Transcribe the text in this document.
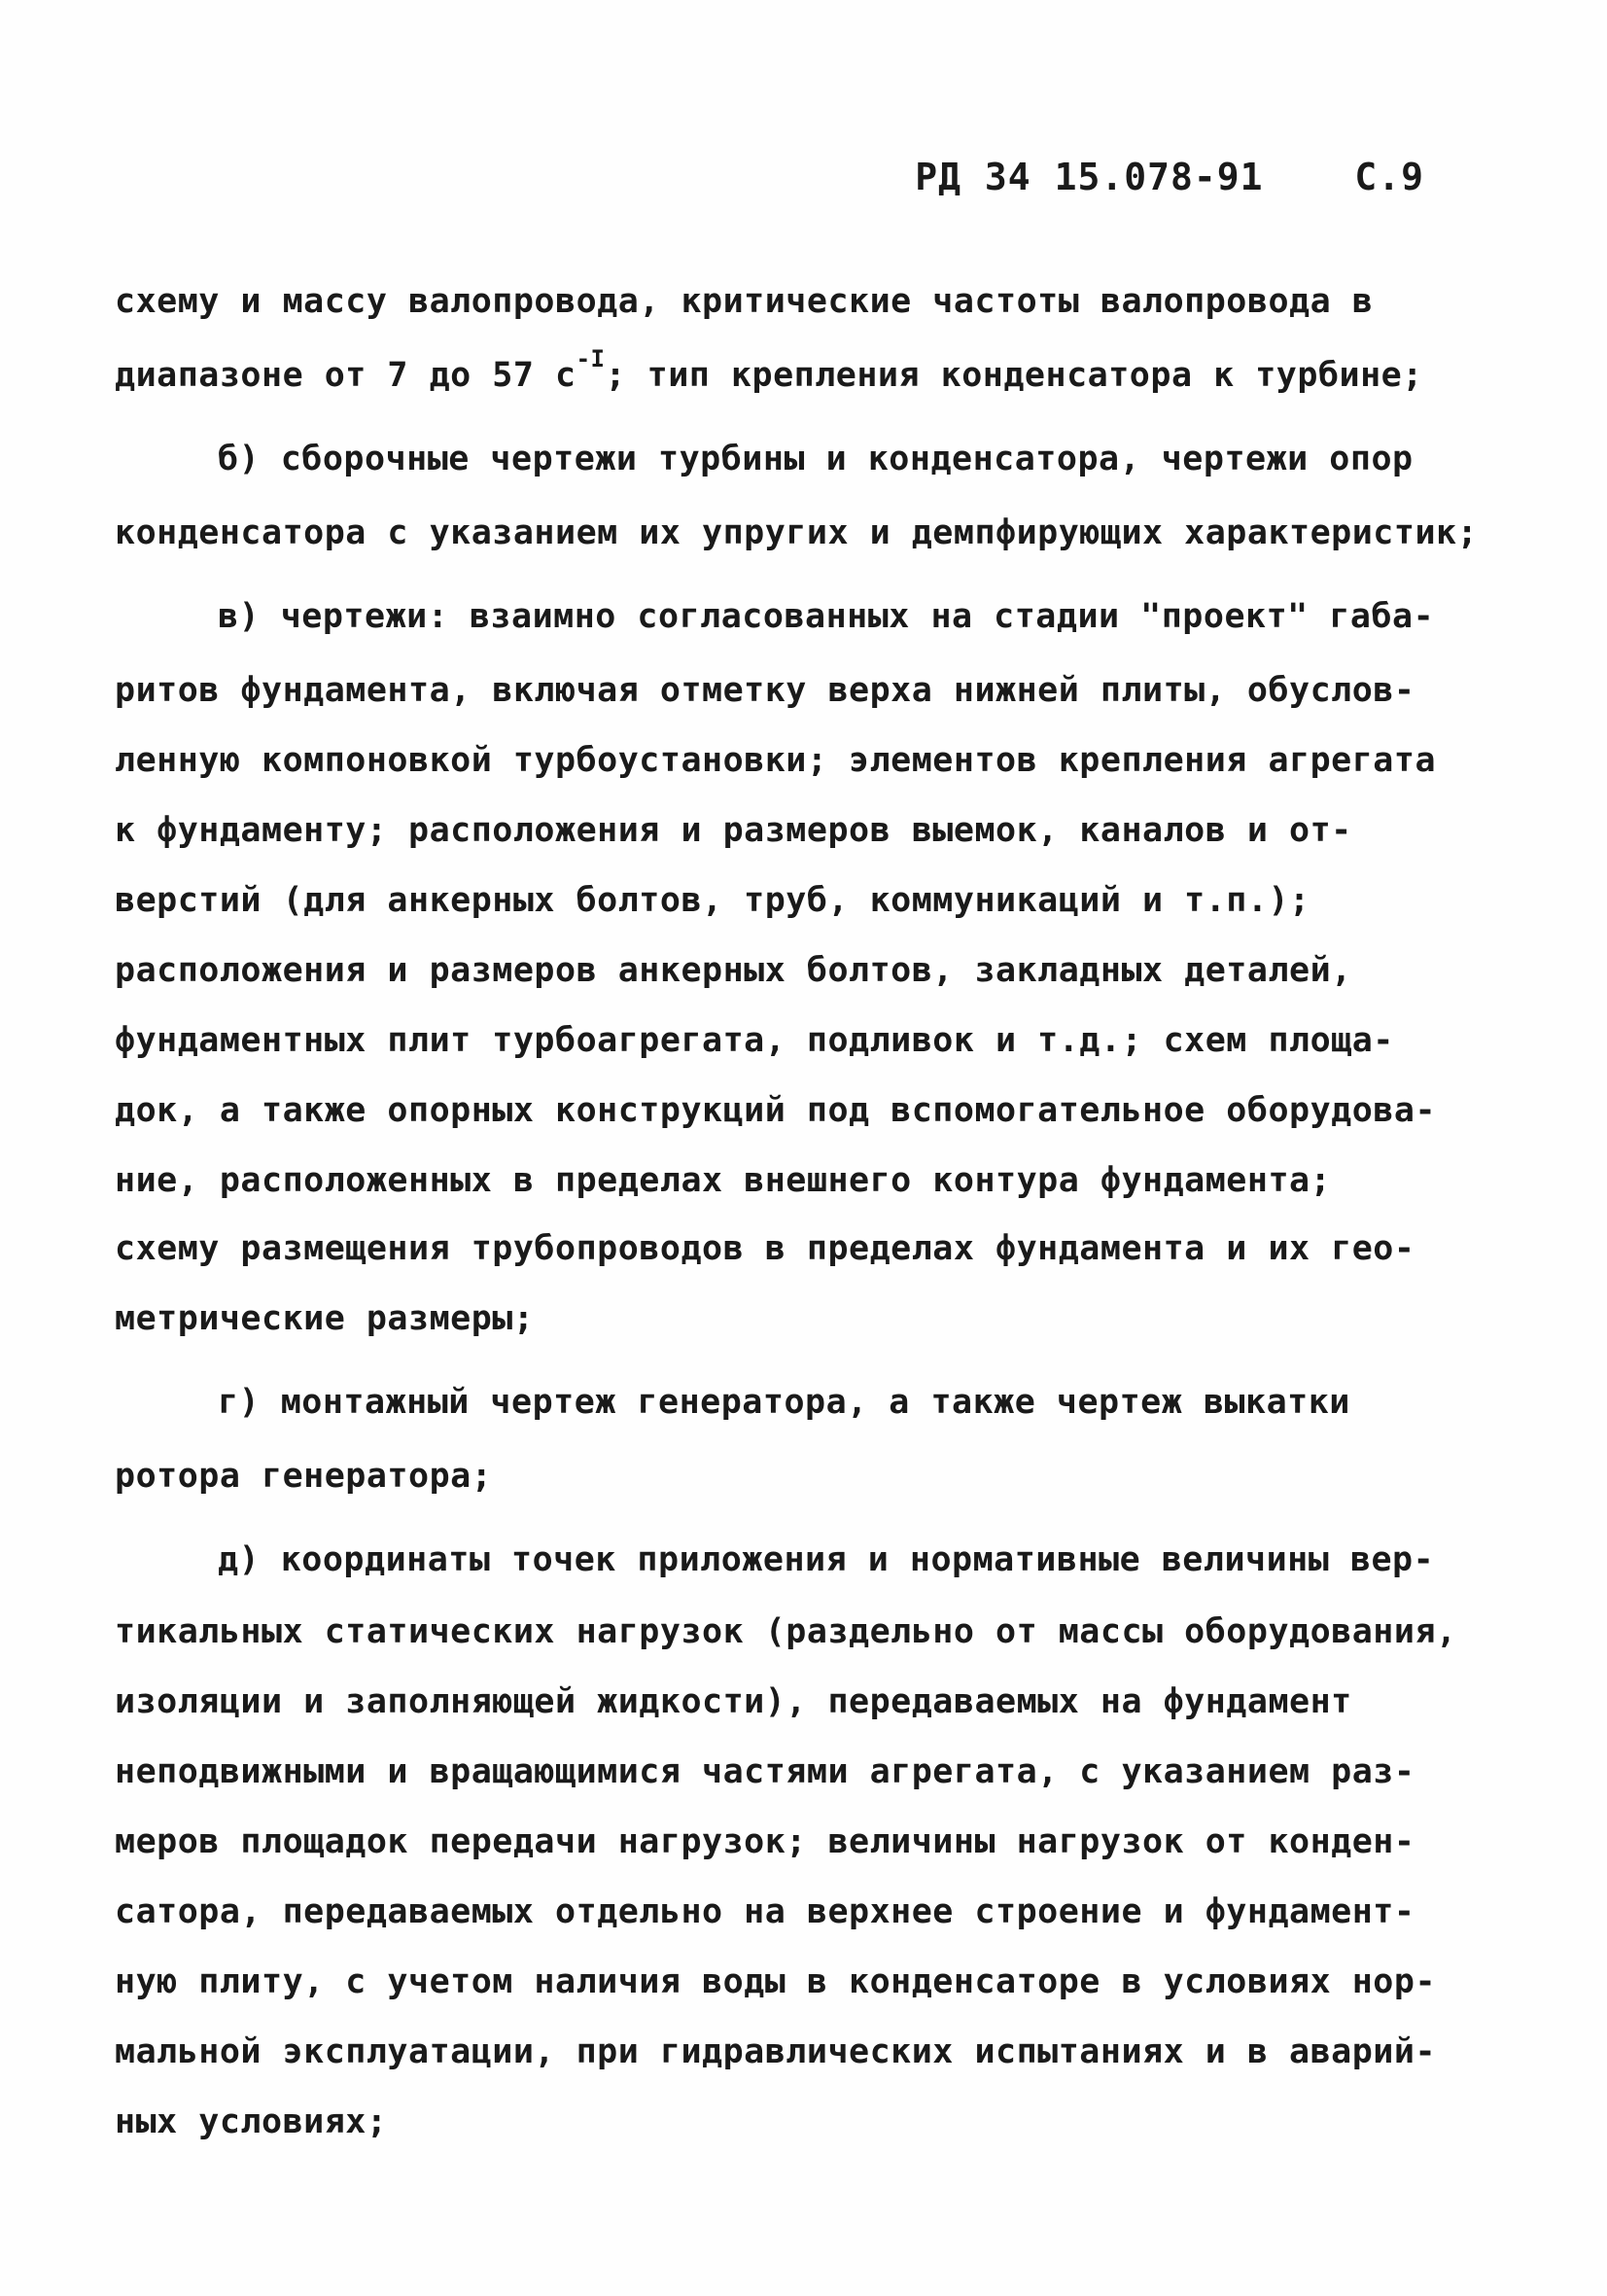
РД 34 15.078-91 С.9
схему и массу валопровода, критические частоты валопровода в
диапазоне от 7 до 57 $с^{-I}$; тип крепления конденсатора к турбине;
б) сборочные чертежи турбины и конденсатора, чертежи опор
конденсатора с указанием их упругих и демпфирующих характеристик;
в) чертежи: взаимно согласованных на стадии "проект" габа-
ритов фундамента, включая отметку верха нижней плиты, обуслов-
ленную компоновкой турбоустановки; элементов крепления агрегата
к фундаменту; расположения и размеров выемок, каналов и от-
верстий (для анкерных болтов, труб, коммуникаций и т.п.);
расположения и размеров анкерных болтов, закладных деталей,
фундаментных плит турбоагрегата, подливок и т.д.; схем площа-
док, а также опорных конструкций под вспомогательное оборудова-
ние, расположенных в пределах внешнего контура фундамента;
схему размещения трубопроводов в пределах фундамента и их гео-
метрические размеры;
г) монтажный чертеж генератора, а также чертеж выкатки
ротора генератора;
д) координаты точек приложения и нормативные величины вер-
тикальных статических нагрузок (раздельно от массы оборудования,
изоляции и заполняющей жидкости), передаваемых на фундамент
неподвижными и вращающимися частями агрегата, с указанием раз-
меров площадок передачи нагрузок; величины нагрузок от конден-
сатора, передаваемых отдельно на верхнее строение и фундамент-
ную плиту, с учетом наличия воды в конденсаторе в условиях нор-
мальной эксплуатации, при гидравлических испытаниях и в аварий-
ных условиях;
